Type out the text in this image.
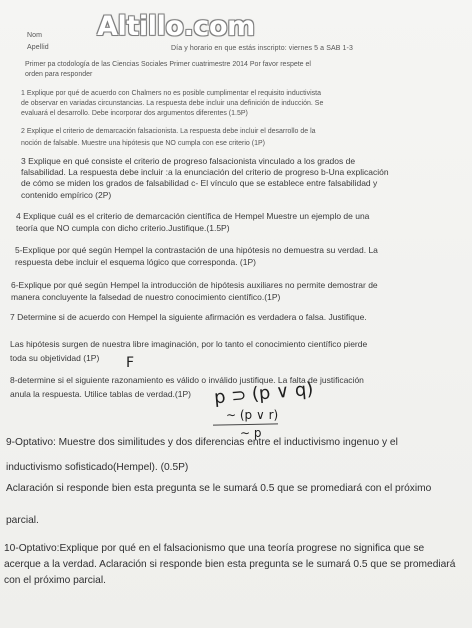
Altillo.com
Nom
Apellid	Día y horario en que estás inscripto: viernes 5 a SAB 1-3
Primer pa ctodología de las Ciencias Sociales Primer cuatrimestre 2014 Por favor respete el
orden para responder
1 Explique por qué de acuerdo con Chalmers no es posible cumplimentar el requisito inductivista
de observar en variadas circunstancias. La respuesta debe incluir una definición de inducción. Se
evaluará el desarrollo. Debe incorporar dos argumentos diferentes (1.5P)
2 Explique el criterio de demarcación falsacionista. La respuesta debe incluir el desarrollo de la
noción de falsable. Muestre una hipótesis que NO cumpla con ese criterio (1P)
3 Explique en qué consiste el criterio de progreso falsacionista vinculado a los grados de
falsabilidad. La respuesta debe incluir :a la enunciación del criterio de progreso b-Una explicación
de cómo se miden los grados de falsabilidad c- El vínculo que se establece entre falsabilidad y
contenido empírico (2P)
4 Explique cuál es el criterio de demarcación científica de Hempel Muestre un ejemplo de una
teoría que NO cumpla con dicho criterio.Justifique.(1.5P)
5-Explique por qué según Hempel la contrastación de una hipótesis no demuestra su verdad. La
respuesta debe incluir el esquema lógico que corresponda. (1P)
6-Explique por qué según Hempel la introducción de hipótesis auxiliares no permite demostrar de
manera concluyente la falsedad de nuestro conocimiento científico.(1P)
7 Determine si de acuerdo con Hempel la siguiente afirmación es verdadera o falsa. Justifique.
Las hipótesis surgen de nuestra libre imaginación, por lo tanto el conocimiento científico pierde
toda su objetividad (1P)	F
8-determine si el siguiente razonamiento es válido o inválido justifique. La falta de justificación
anula la respuesta. Utilice tablas de verdad.(1P)	p ⊃ (p ∨ q)
∼ (p ∨ r)
∼ p
9-Optativo: Muestre dos similitudes y dos diferencias entre el inductivismo ingenuo y el
inductivismo sofisticado(Hempel). (0.5P)
Aclaración si responde bien esta pregunta se le sumará 0.5 que se promediará con el próximo
parcial.
10-Optativo:Explique por qué en el falsacionismo que una teoría progrese no significa que se
acerque a la verdad. Aclaración si responde bien esta pregunta se le sumará 0.5 que se promediará
con el próximo parcial.
